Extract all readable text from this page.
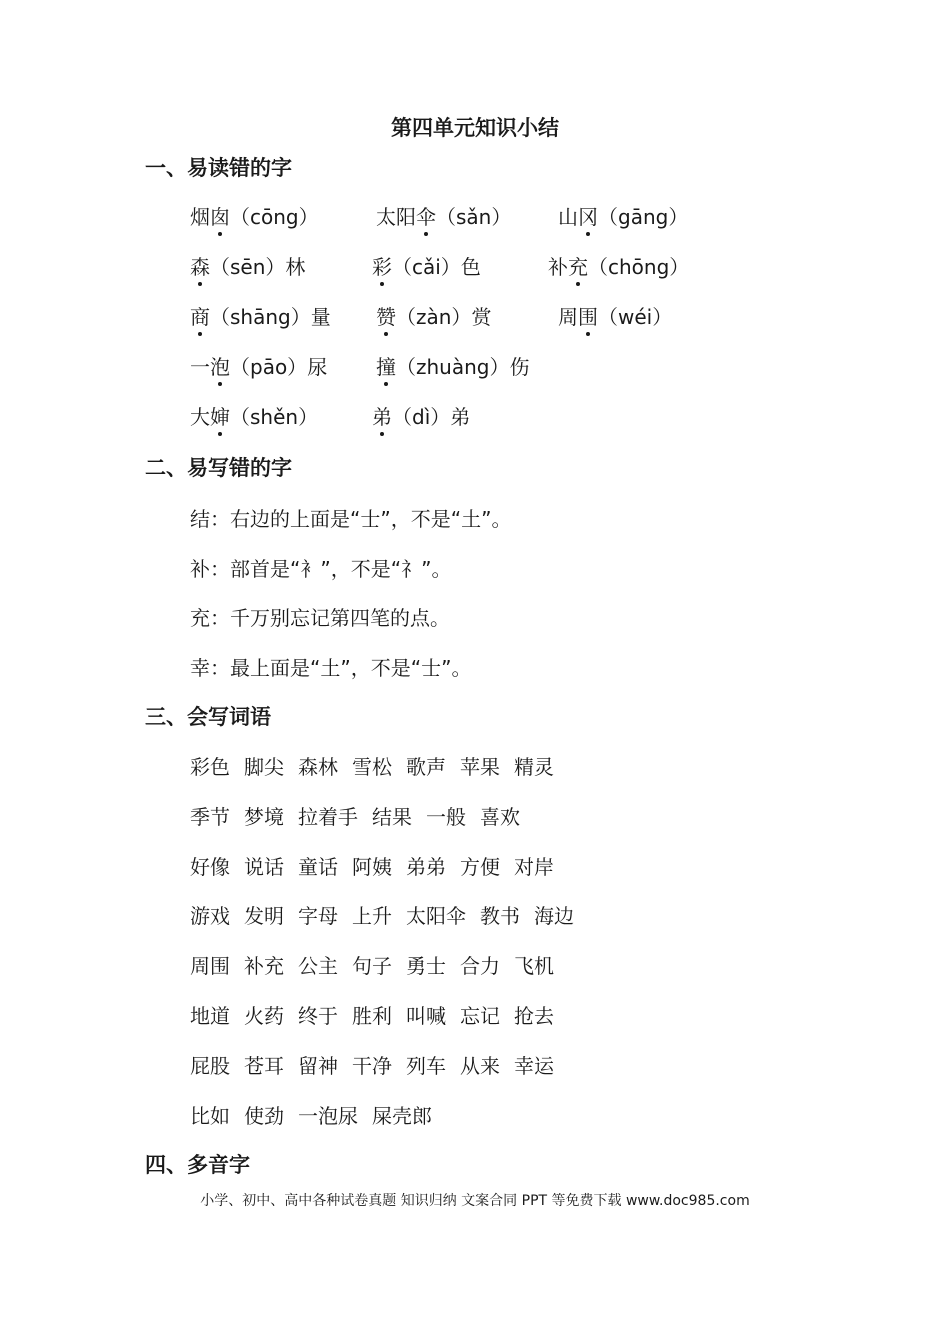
第四单元知识小结
一、易读错的字
烟囱（cōng）	太阳伞（sǎn） 山冈（gāng）
森（sēn）林	彩（cǎi）色	补充（chōng）
商（shāng）量 赞（zàn）赏	周围（wéi）
一泡（pāo）尿 撞（zhuàng）伤
大婶（shěn）	弟（dì）弟
二、易写错的字
结：右边的上面是“士”，不是“土”。
补：部首是“衤”，不是“礻”。
充：千万别忘记第四笔的点。
幸：最上面是“土”，不是“士”。
三、会写词语
彩色 脚尖 森林 雪松 歌声 苹果 精灵
季节 梦境 拉着手 结果 一般 喜欢
好像 说话 童话 阿姨 弟弟 方便 对岸
游戏 发明 字母 上升 太阳伞 教书 海边
周围 补充 公主 句子 勇士 合力 飞机
地道 火药 终于 胜利 叫喊 忘记 抢去
屁股 苍耳 留神 干净 列车 从来 幸运
比如 使劲 一泡尿 屎壳郎
四、多音字
小学、初中、高中各种试卷真题 知识归纳 文案合同 PPT 等免费下载 www.doc985.com
